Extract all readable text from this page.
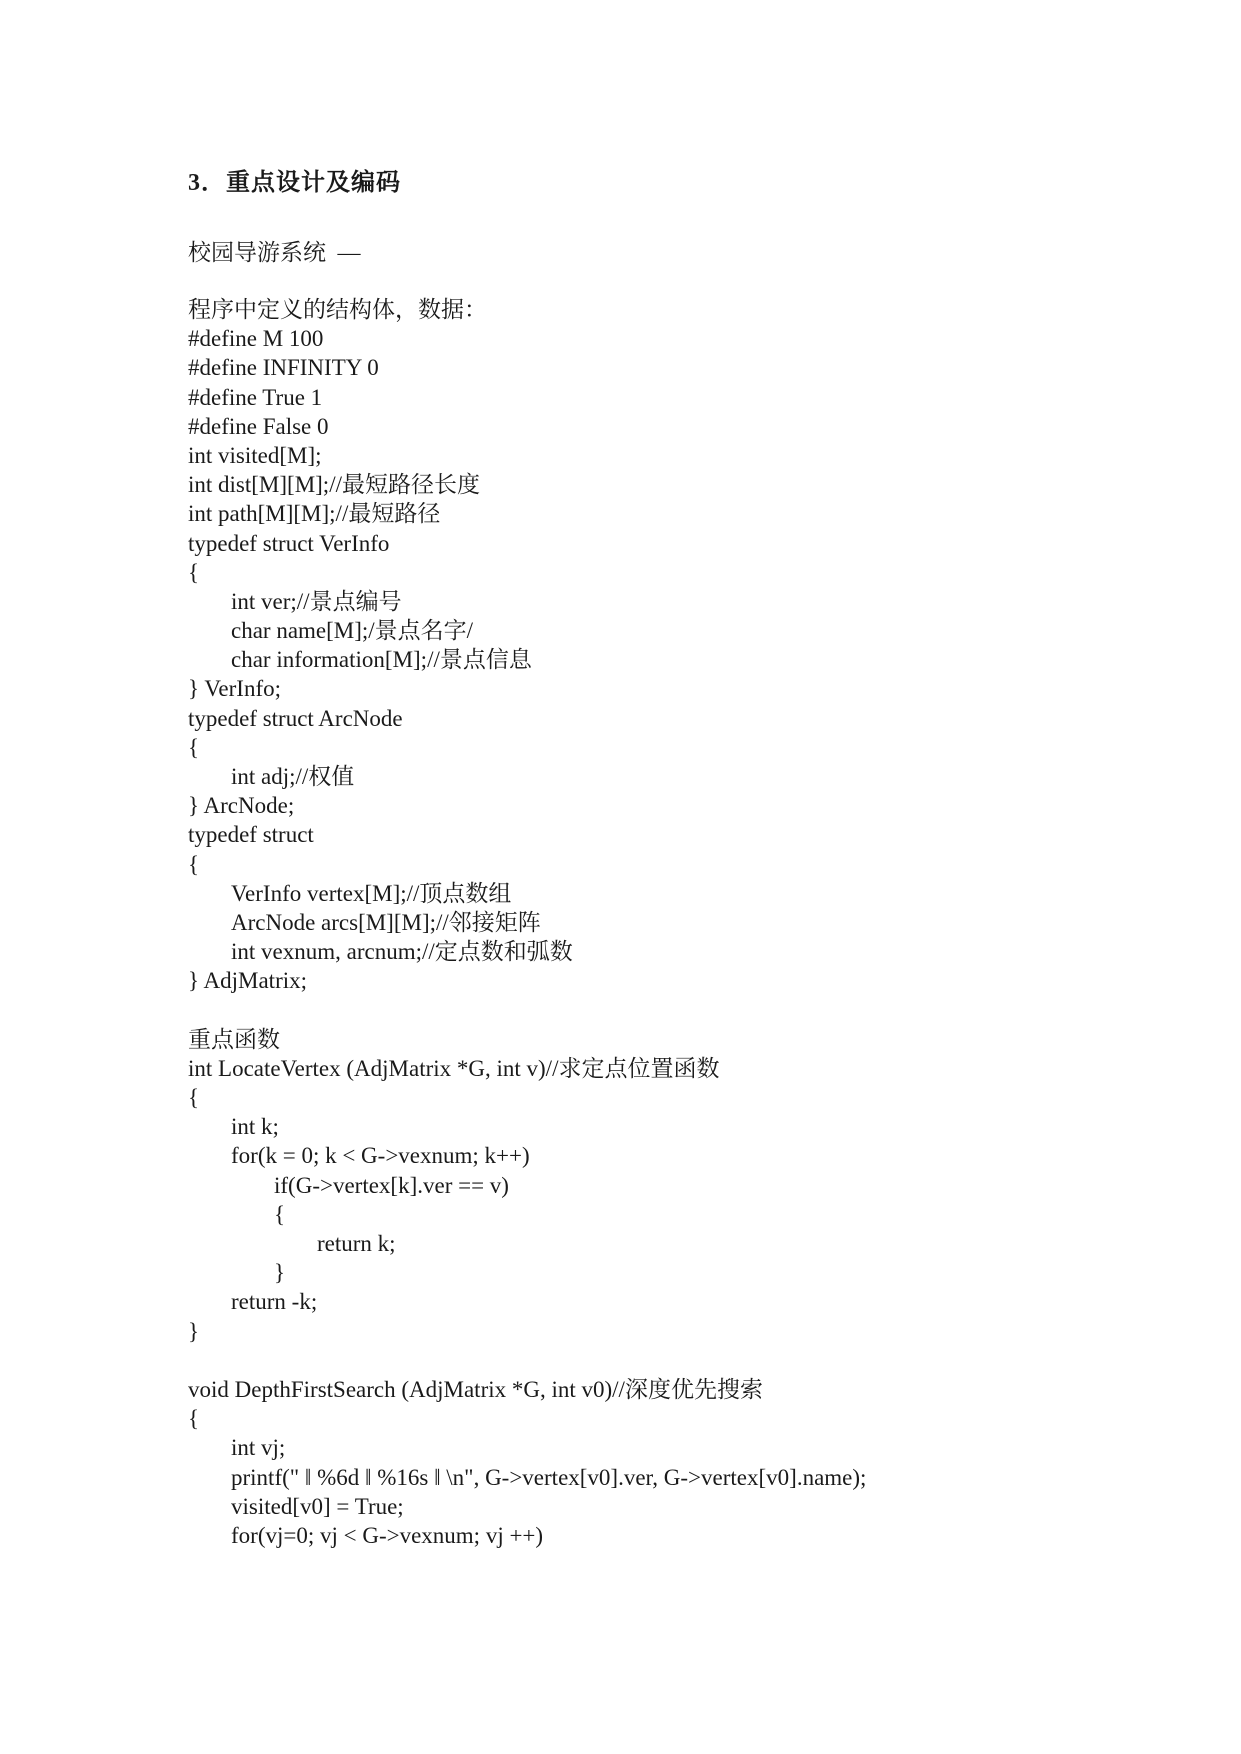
3．重点设计及编码
校园导游系统  —
程序中定义的结构体，数据：
#define M 100
#define INFINITY 0
#define True 1
#define False 0
int visited[M];
int dist[M][M];//最短路径长度
int path[M][M];//最短路径
typedef struct VerInfo
{
int ver;//景点编号
char name[M];/景点名字/
char information[M];//景点信息
} VerInfo;
typedef struct ArcNode
{
int adj;//权值
} ArcNode;
typedef struct
{
VerInfo vertex[M];//顶点数组
ArcNode arcs[M][M];//邻接矩阵
int vexnum, arcnum;//定点数和弧数
} AdjMatrix;
重点函数
int LocateVertex (AdjMatrix *G, int v)//求定点位置函数
{
int k;
for(k = 0; k < G->vexnum; k++)
if(G->vertex[k].ver == v)
{
return k;
}
return -k;
}
void DepthFirstSearch (AdjMatrix *G, int v0)//深度优先搜索
{
int vj;
printf(" ‖ %6d ‖ %16s ‖ \n", G->vertex[v0].ver, G->vertex[v0].name);
visited[v0] = True;
for(vj=0; vj < G->vexnum; vj ++)
